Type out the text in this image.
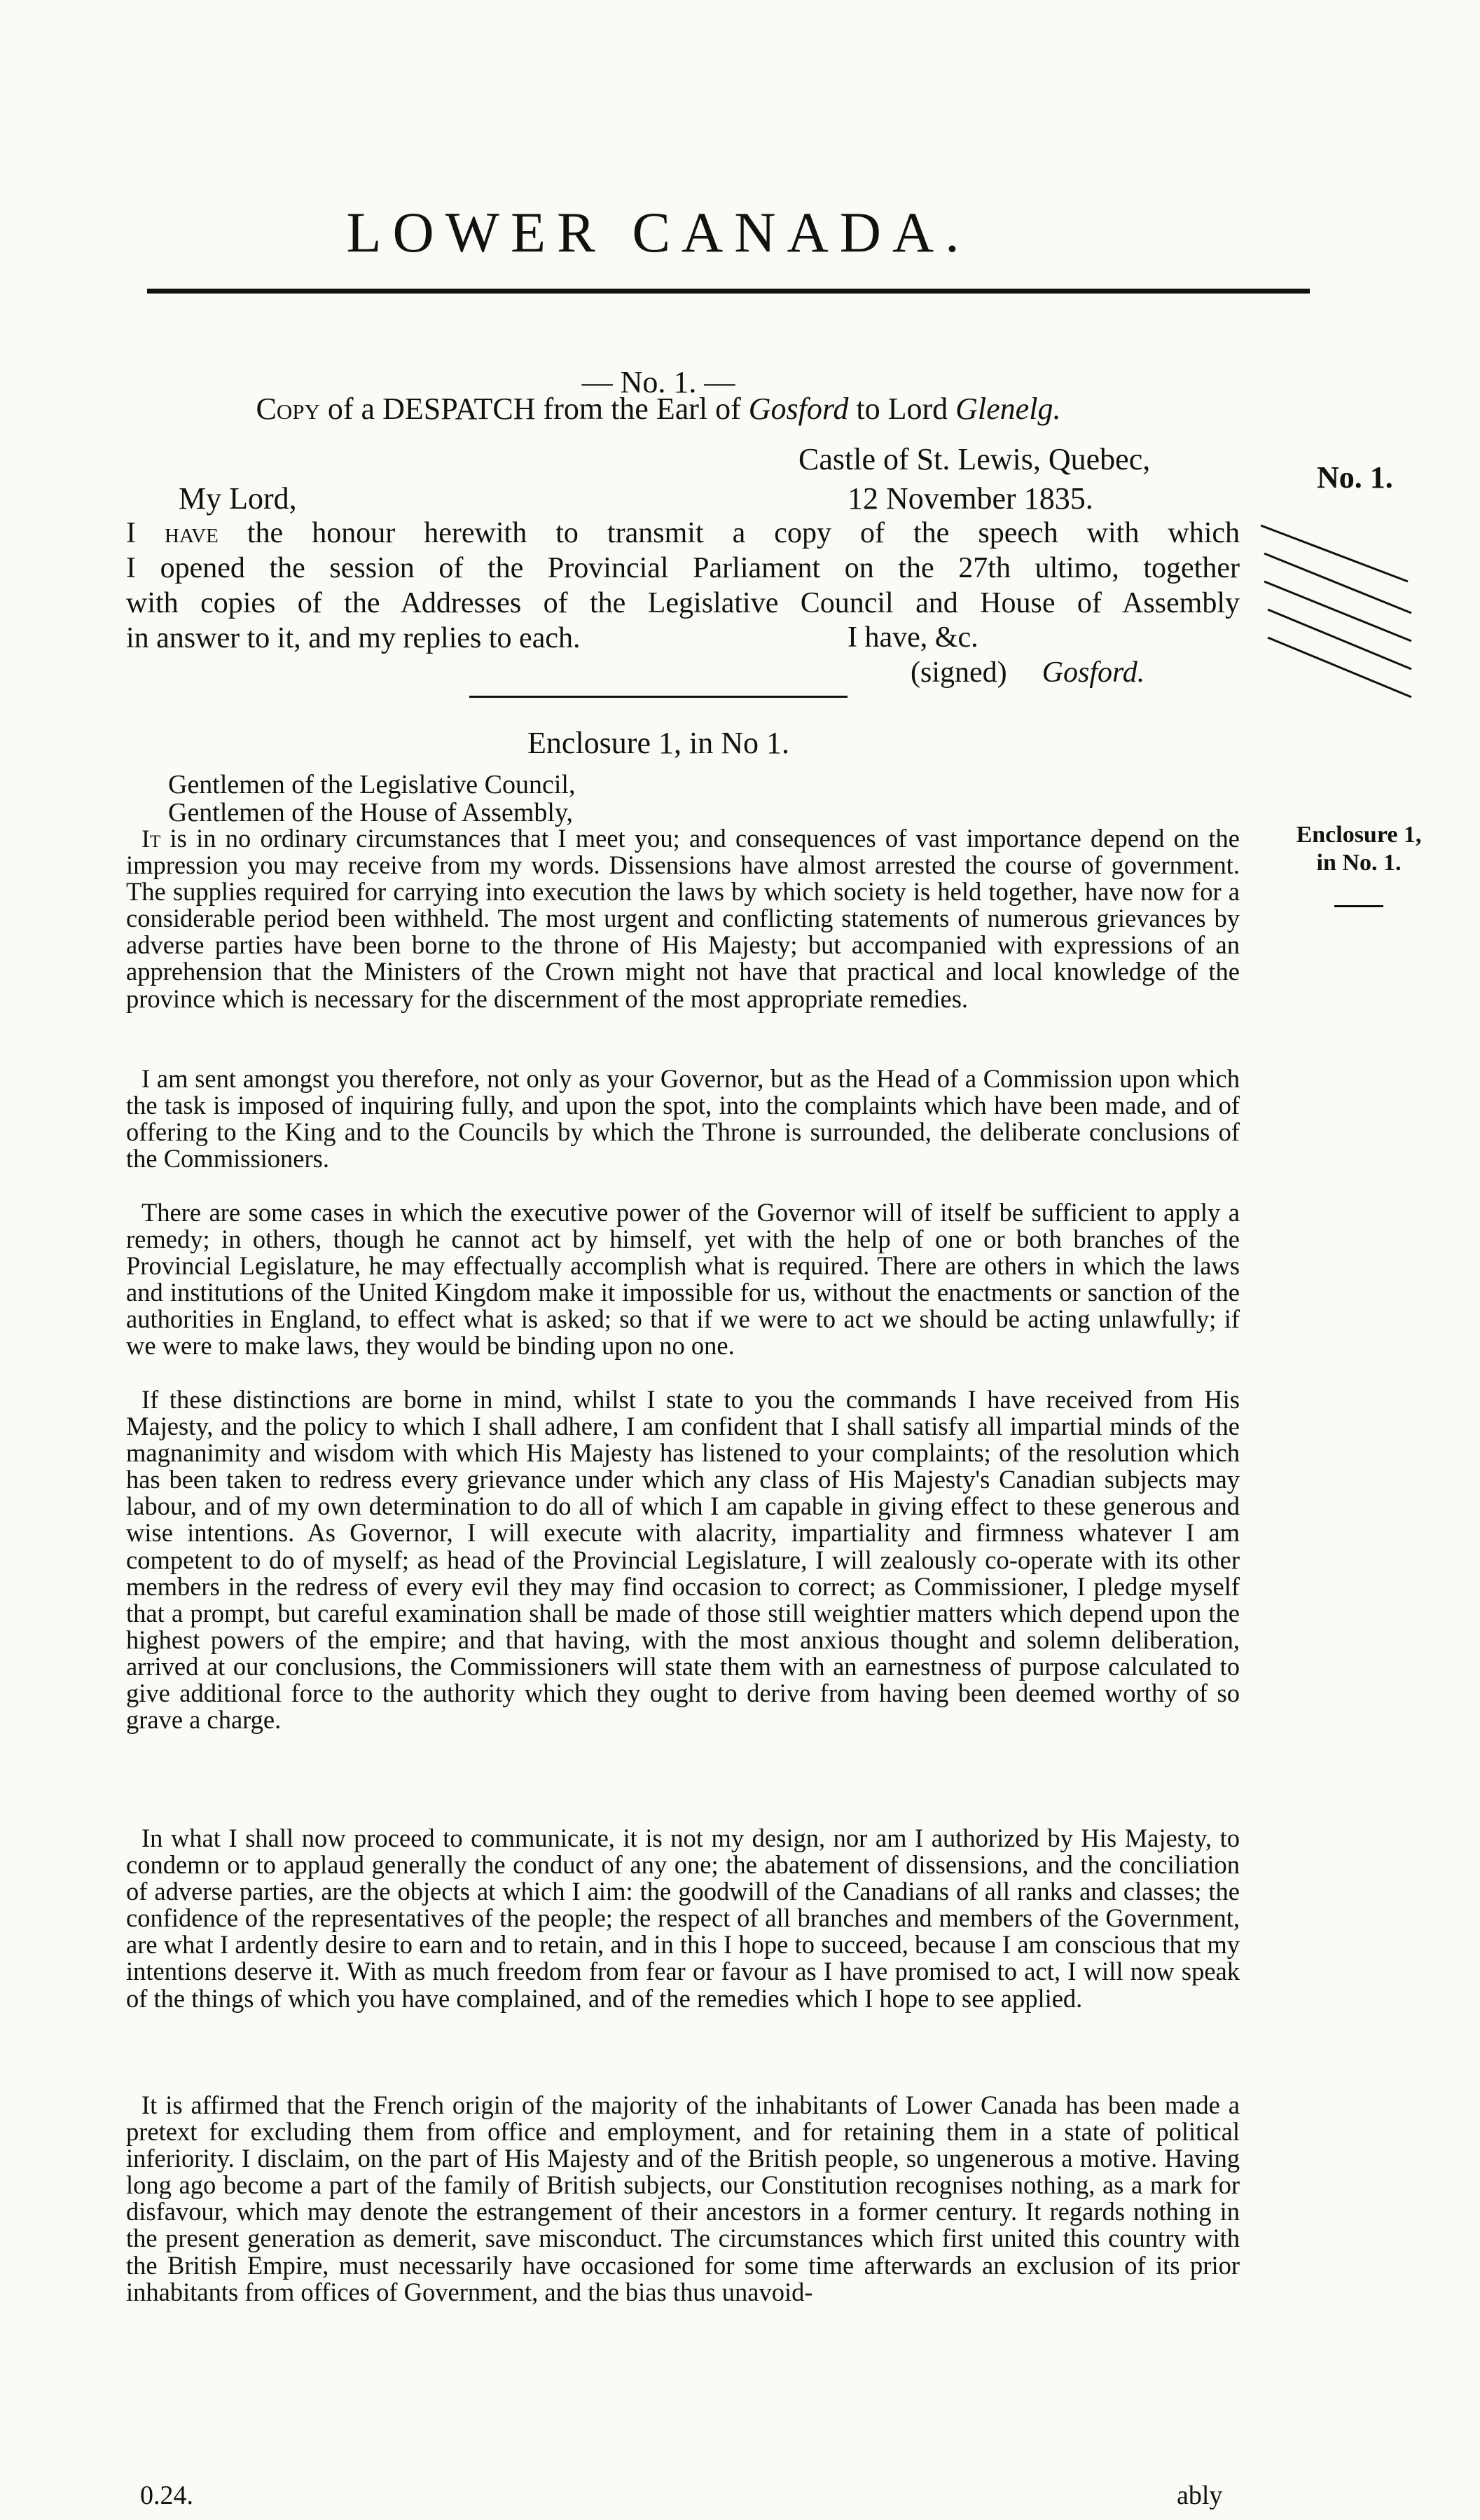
LOWER CANADA.
— No. 1. —
Copy of a DESPATCH from the Earl of Gosford to Lord Glenelg.
Castle of St. Lewis, Quebec,
My Lord,	12 November 1835.
No. 1.
I have the honour herewith to transmit a copy of the speech with which
I opened the session of the Provincial Parliament on the 27th ultimo, together
with copies of the Addresses of the Legislative Council and House of Assembly
in answer to it, and my replies to each.	I have, &c.
(signed) Gosford.
Enclosure 1, in No 1.
Enclosure 1,
in No. 1.
Gentlemen of the Legislative Council,
Gentlemen of the House of Assembly,

It is in no ordinary circumstances that I meet you; and consequences of vast importance depend on the impression you may receive from my words. Dissensions have almost arrested the course of government. The supplies required for carrying into execution the laws by which society is held together, have now for a considerable period been withheld. The most urgent and conflicting statements of numerous grievances by adverse parties have been borne to the throne of His Majesty; but accompanied with expressions of an apprehension that the Ministers of the Crown might not have that practical and local knowledge of the province which is necessary for the discernment of the most appropriate remedies.

I am sent amongst you therefore, not only as your Governor, but as the Head of a Commission upon which the task is imposed of inquiring fully, and upon the spot, into the complaints which have been made, and of offering to the King and to the Councils by which the Throne is surrounded, the deliberate conclusions of the Commissioners.

There are some cases in which the executive power of the Governor will of itself be sufficient to apply a remedy; in others, though he cannot act by himself, yet with the help of one or both branches of the Provincial Legislature, he may effectually accomplish what is required. There are others in which the laws and institutions of the United Kingdom make it impossible for us, without the enactments or sanction of the authorities in England, to effect what is asked; so that if we were to act we should be acting unlawfully; if we were to make laws, they would be binding upon no one.

If these distinctions are borne in mind, whilst I state to you the commands I have received from His Majesty, and the policy to which I shall adhere, I am confident that I shall satisfy all impartial minds of the magnanimity and wisdom with which His Majesty has listened to your complaints; of the resolution which has been taken to redress every grievance under which any class of His Majesty's Canadian subjects may labour, and of my own determination to do all of which I am capable in giving effect to these generous and wise intentions. As Governor, I will execute with alacrity, impartiality and firmness whatever I am competent to do of myself; as head of the Provincial Legislature, I will zealously co-operate with its other members in the redress of every evil they may find occasion to correct; as Commissioner, I pledge myself that a prompt, but careful examination shall be made of those still weightier matters which depend upon the highest powers of the empire; and that having, with the most anxious thought and solemn deliberation, arrived at our conclusions, the Commissioners will state them with an earnestness of purpose calculated to give additional force to the authority which they ought to derive from having been deemed worthy of so grave a charge.

In what I shall now proceed to communicate, it is not my design, nor am I authorized by His Majesty, to condemn or to applaud generally the conduct of any one; the abatement of dissensions, and the conciliation of adverse parties, are the objects at which I aim: the goodwill of the Canadians of all ranks and classes; the confidence of the representatives of the people; the respect of all branches and members of the Government, are what I ardently desire to earn and to retain, and in this I hope to succeed, because I am conscious that my intentions deserve it. With as much freedom from fear or favour as I have promised to act, I will now speak of the things of which you have complained, and of the remedies which I hope to see applied.

It is affirmed that the French origin of the majority of the inhabitants of Lower Canada has been made a pretext for excluding them from office and employment, and for retaining them in a state of political inferiority. I disclaim, on the part of His Majesty and of the British people, so ungenerous a motive. Having long ago become a part of the family of British subjects, our Constitution recognises nothing, as a mark for disfavour, which may denote the estrangement of their ancestors in a former century. It regards nothing in the present generation as demerit, save misconduct. The circumstances which first united this country with the British Empire, must necessarily have occasioned for some time afterwards an exclusion of its prior inhabitants from offices of Government, and the bias thus unavoid-

0.24.	ably
